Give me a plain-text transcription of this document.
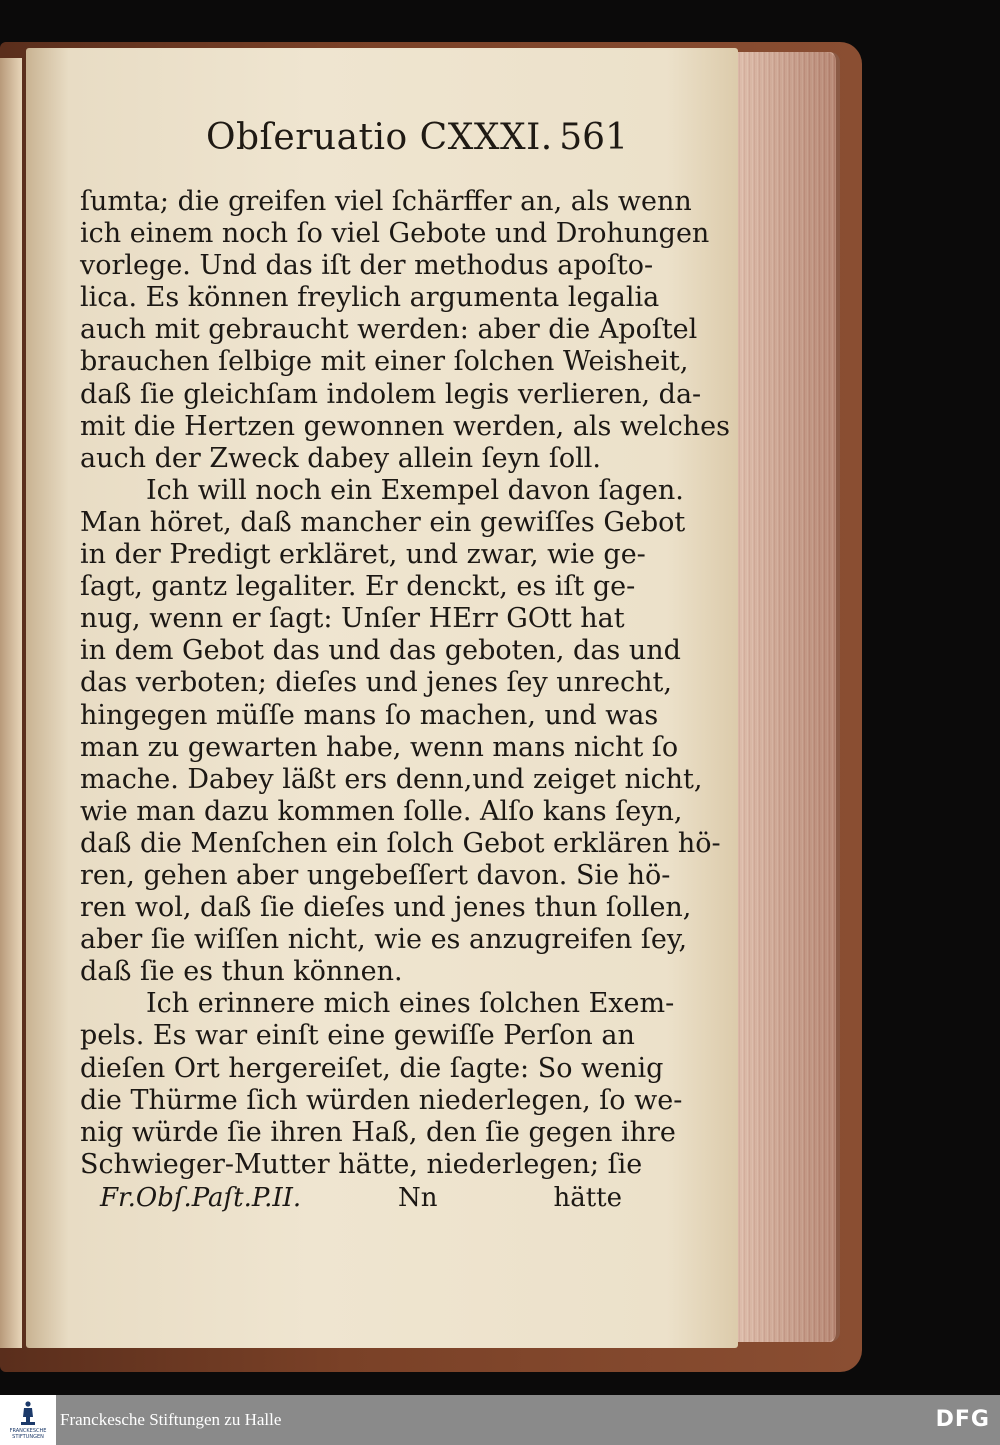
Obſeruatio CXXXI. 561
ſumta; die greifen viel ſchärffer an, als wenn
ich einem noch ſo viel Gebote und Drohungen
vorlege. Und das iſt der methodus apoſto-
lica. Es können freylich argumenta legalia
auch mit gebraucht werden: aber die Apoſtel
brauchen ſelbige mit einer ſolchen Weisheit,
daß ſie gleichſam indolem legis verlieren, da-
mit die Hertzen gewonnen werden, als welches
auch der Zweck dabey allein ſeyn ſoll.
Ich will noch ein Exempel davon ſagen.
Man höret, daß mancher ein gewiſſes Gebot
in der Predigt erkläret, und zwar, wie ge-
ſagt, gantz legaliter. Er denckt, es iſt ge-
nug, wenn er ſagt: Unſer HErr GOtt hat
in dem Gebot das und das geboten, das und
das verboten; dieſes und jenes ſey unrecht,
hingegen müſſe mans ſo machen, und was
man zu gewarten habe, wenn mans nicht ſo
mache. Dabey läßt ers denn,und zeiget nicht,
wie man dazu kommen ſolle. Alſo kans ſeyn,
daß die Menſchen ein ſolch Gebot erklären hö-
ren, gehen aber ungebeſſert davon. Sie hö-
ren wol, daß ſie dieſes und jenes thun ſollen,
aber ſie wiſſen nicht, wie es anzugreifen ſey,
daß ſie es thun können.
Ich erinnere mich eines ſolchen Exem-
pels. Es war einſt eine gewiſſe Perſon an
dieſen Ort hergereiſet, die ſagte: So wenig
die Thürme ſich würden niederlegen, ſo we-
nig würde ſie ihren Haß, den ſie gegen ihre
Schwieger-Mutter hätte, niederlegen; ſie
Fr.Obſ.Paſt.P.II.	Nn	hätte
FRANCKESCHE
STIFTUNGEN
Franckesche Stiftungen zu Halle	DFG
